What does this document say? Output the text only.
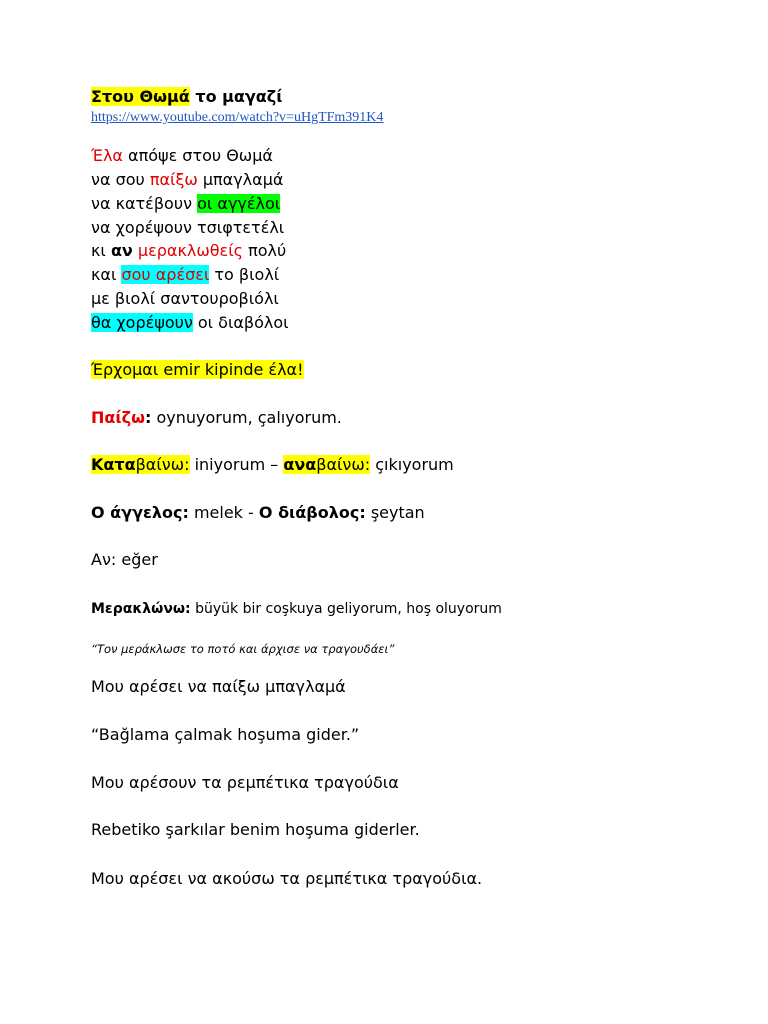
Στου Θωμά το μαγαζί
https://www.youtube.com/watch?v=uHgTFm391K4
Έλα απόψε στου Θωμά
να σου παίξω μπαγλαμά
να κατέβουν οι αγγέλοι
να χορέψουν τσιφτετέλι
κι αν μερακλωθείς πολύ
και σου αρέσει το βιολί
με βιολί σαντουροβιόλι
θα χορέψουν οι διαβόλοι
Έρχομαι emir kipinde έλα!
Παίζω: oynuyorum, çalıyorum.
Καταβαίνω: iniyorum – αναβαίνω: çıkıyorum
Ο άγγελος: melek - Ο διάβολος: şeytan
Αν: eğer
Μερακλώνω: büyük bir coşkuya geliyorum, hoş oluyorum
“Τον μεράκλωσε το ποτό και άρχισε να τραγουδάει”
Μου αρέσει να παίξω μπαγλαμά
“Bağlama çalmak hoşuma gider.”
Μου αρέσουν τα ρεμπέτικα τραγούδια
Rebetiko şarkılar benim hoşuma giderler.
Μου αρέσει να ακούσω τα ρεμπέτικα τραγούδια.
